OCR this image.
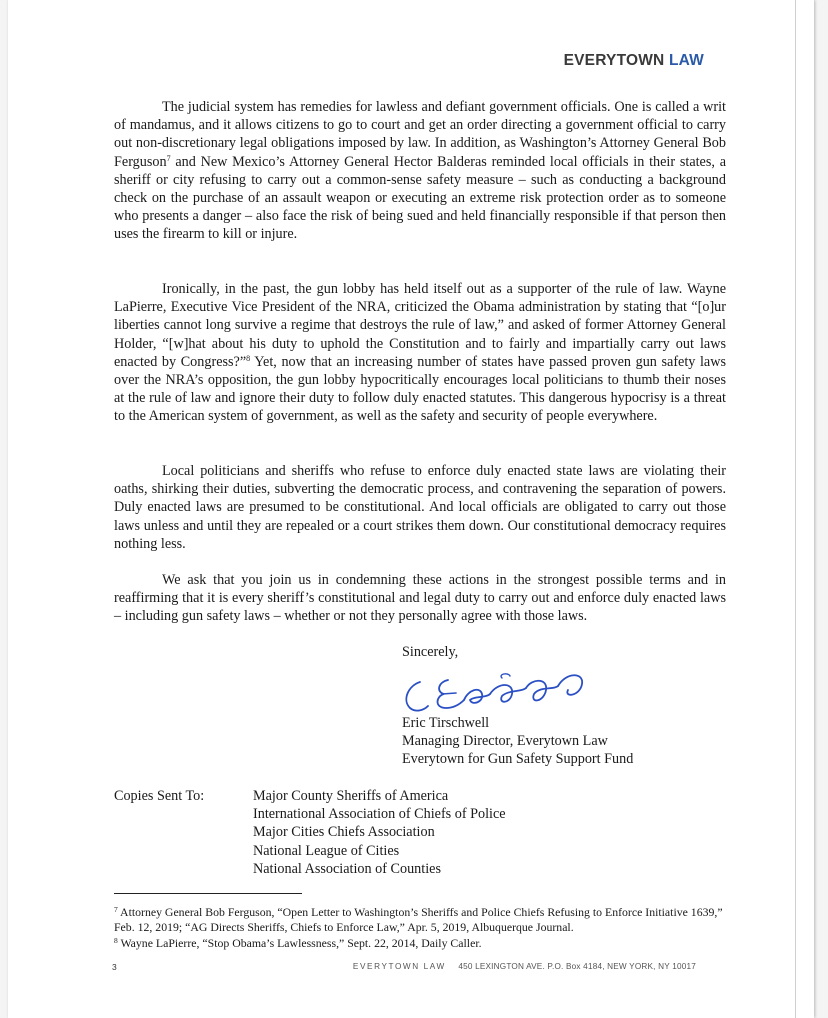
EVERYTOWN LAW

The judicial system has remedies for lawless and defiant government officials. One is called a writ of mandamus, and it allows citizens to go to court and get an order directing a government official to carry out non-discretionary legal obligations imposed by law. In addition, as Washington’s Attorney General Bob Ferguson$^7$ and New Mexico’s Attorney General Hector Balderas reminded local officials in their states, a sheriff or city refusing to carry out a common-sense safety measure – such as conducting a background check on the purchase of an assault weapon or executing an extreme risk protection order as to someone who presents a danger – also face the risk of being sued and held financially responsible if that person then uses the firearm to kill or injure.

Ironically, in the past, the gun lobby has held itself out as a supporter of the rule of law. Wayne LaPierre, Executive Vice President of the NRA, criticized the Obama administration by stating that “[o]ur liberties cannot long survive a regime that destroys the rule of law,” and asked of former Attorney General Holder, “[w]hat about his duty to uphold the Constitution and to fairly and impartially carry out laws enacted by Congress?”$^8$ Yet, now that an increasing number of states have passed proven gun safety laws over the NRA’s opposition, the gun lobby hypocritically encourages local politicians to thumb their noses at the rule of law and ignore their duty to follow duly enacted statutes. This dangerous hypocrisy is a threat to the American system of government, as well as the safety and security of people everywhere.

Local politicians and sheriffs who refuse to enforce duly enacted state laws are violating their oaths, shirking their duties, subverting the democratic process, and contravening the separation of powers. Duly enacted laws are presumed to be constitutional. And local officials are obligated to carry out those laws unless and until they are repealed or a court strikes them down. Our constitutional democracy requires nothing less.

We ask that you join us in condemning these actions in the strongest possible terms and in reaffirming that it is every sheriff’s constitutional and legal duty to carry out and enforce duly enacted laws – including gun safety laws – whether or not they personally agree with those laws.

Sincerely,
Eric Tirschwell
Managing Director, Everytown Law
Everytown for Gun Safety Support Fund
Copies Sent To:	Major County Sheriffs of America
International Association of Chiefs of Police
Major Cities Chiefs Association
National League of Cities
National Association of Counties

$^7$ Attorney General Bob Ferguson, “Open Letter to Washington’s Sheriffs and Police Chiefs Refusing to Enforce Initiative 1639,” Feb. 12, 2019; “AG Directs Sheriffs, Chiefs to Enforce Law,” Apr. 5, 2019, Albuquerque Journal.

$^8$ Wayne LaPierre, “Stop Obama’s Lawlessness,” Sept. 22, 2014, Daily Caller.

3	EVERYTOWN LAW 450 LEXINGTON AVE. P.O. Box 4184, NEW YORK, NY 10017
